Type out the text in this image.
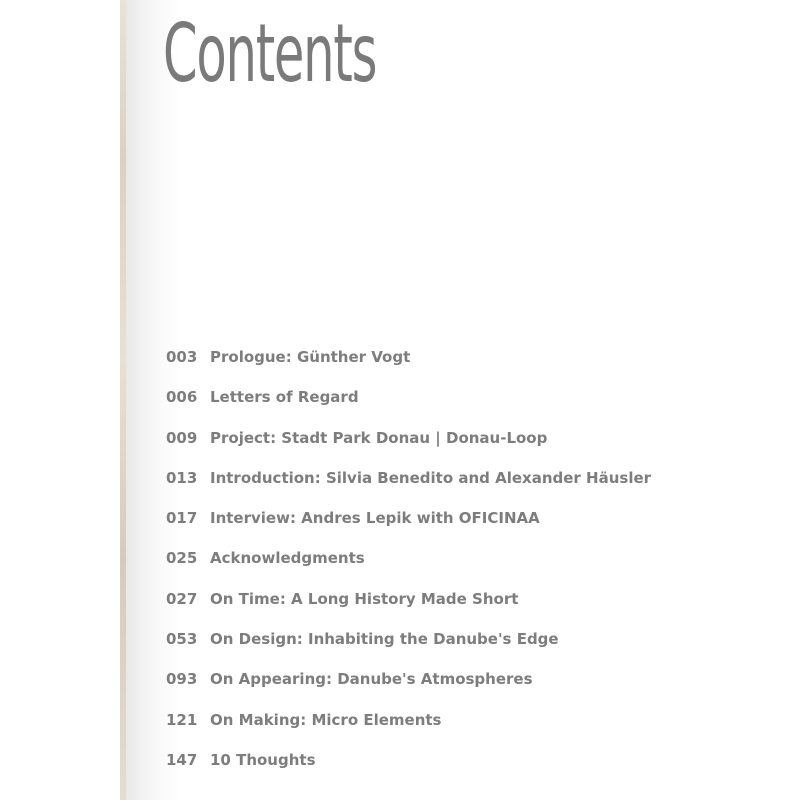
Contents
003 Prologue: Günther Vogt
006 Letters of Regard
009 Project: Stadt Park Donau | Donau-Loop
013 Introduction: Silvia Benedito and Alexander Häusler
017 Interview: Andres Lepik with OFICINAA
025 Acknowledgments
027 On Time: A Long History Made Short
053 On Design: Inhabiting the Danube's Edge
093 On Appearing: Danube's Atmospheres
121 On Making: Micro Elements
147 10 Thoughts
